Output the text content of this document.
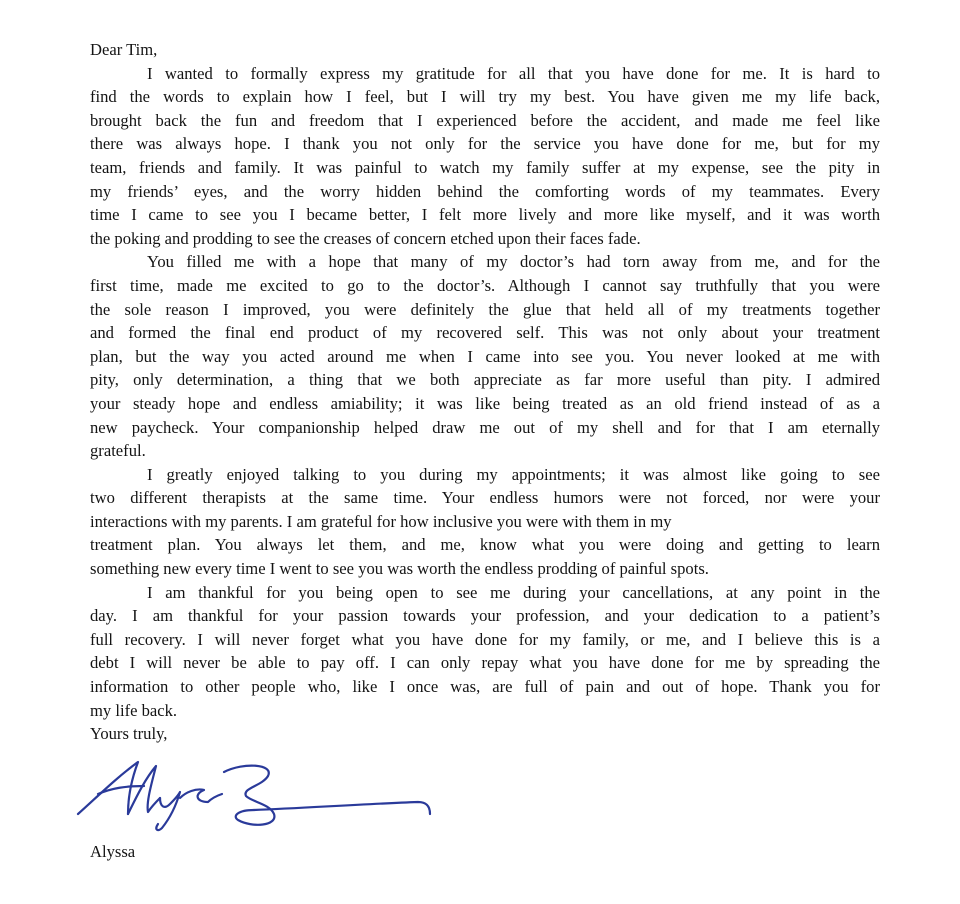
Dear Tim,
I wanted to formally express my gratitude for all that you have done for me. It is hard to
find the words to explain how I feel, but I will try my best. You have given me my life back,
brought back the fun and freedom that I experienced before the accident, and made me feel like
there was always hope. I thank you not only for the service you have done for me, but for my
team, friends and family. It was painful to watch my family suffer at my expense, see the pity in
my friends’ eyes, and the worry hidden behind the comforting words of my teammates. Every
time I came to see you I became better, I felt more lively and more like myself, and it was worth
the poking and prodding to see the creases of concern etched upon their faces fade.
You filled me with a hope that many of my doctor’s had torn away from me, and for the
first time, made me excited to go to the doctor’s. Although I cannot say truthfully that you were
the sole reason I improved, you were definitely the glue that held all of my treatments together
and formed the final end product of my recovered self. This was not only about your treatment
plan, but the way you acted around me when I came into see you. You never looked at me with
pity, only determination, a thing that we both appreciate as far more useful than pity. I admired
your steady hope and endless amiability; it was like being treated as an old friend instead of as a
new paycheck. Your companionship helped draw me out of my shell and for that I am eternally
grateful.
I greatly enjoyed talking to you during my appointments; it was almost like going to see
two different therapists at the same time. Your endless humors were not forced, nor were your
interactions with my parents. I am grateful for how inclusive you were with them in my
treatment plan. You always let them, and me, know what you were doing and getting to learn
something new every time I went to see you was worth the endless prodding of painful spots.
I am thankful for you being open to see me during your cancellations, at any point in the
day. I am thankful for your passion towards your profession, and your dedication to a patient’s
full recovery. I will never forget what you have done for my family, or me, and I believe this is a
debt I will never be able to pay off. I can only repay what you have done for me by spreading the
information to other people who, like I once was, are full of pain and out of hope. Thank you for
my life back.
Yours truly,
Alyssa
